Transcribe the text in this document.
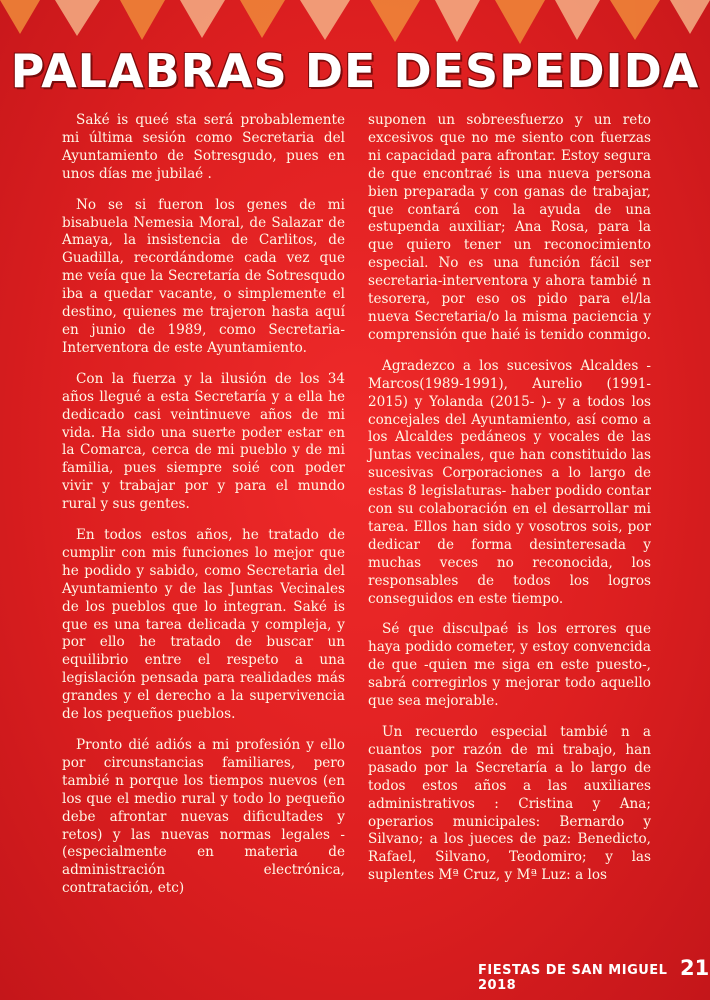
PALABRAS DE DESPEDIDA

Saké is queé sta será probablemente mi última sesión como Secretaria del Ayuntamiento de Sotresgudo, pues en unos días me jubilaé .

No se si fueron los genes de mi bisabuela Nemesia Moral, de Salazar de Amaya, la insistencia de Carlitos, de Guadilla, recordándome cada vez que me veía que la Secretaría de Sotresqudo iba a quedar vacante, o simplemente el destino, quienes me trajeron hasta aquí en junio de 1989, como Secretaria-Interventora de este Ayuntamiento.

Con la fuerza y la ilusión de los 34 años llegué a esta Secretaría y a ella he dedicado casi veintinueve años de mi vida. Ha sido una suerte poder estar en la Comarca, cerca de mi pueblo y de mi familia, pues siempre soié con poder vivir y trabajar por y para el mundo rural y sus gentes.

En todos estos años, he tratado de cumplir con mis funciones lo mejor que he podido y sabido, como Secretaria del Ayuntamiento y de las Juntas Vecinales de los pueblos que lo integran. Saké is que es una tarea delicada y compleja, y por ello he tratado de buscar un equilibrio entre el respeto a una legislación pensada para realidades más grandes y el derecho a la supervivencia de los pequeños pueblos.

Pronto dié adiós a mi profesión y ello por circunstancias familiares, pero tambié n porque los tiempos nuevos (en los que el medio rural y todo lo pequeño debe afrontar nuevas dificultades y retos) y las nuevas normas legales - (especialmente en materia de administración electrónica, contratación, etc)

suponen un sobreesfuerzo y un reto excesivos que no me siento con fuerzas ni capacidad para afrontar. Estoy segura de que encontraé is una nueva persona bien preparada y con ganas de trabajar, que contará con la ayuda de una estupenda auxiliar; Ana Rosa, para la que quiero tener un reconocimiento especial. No es una función fácil ser secretaria-interventora y ahora tambié n tesorera, por eso os pido para el/la nueva Secretaria/o la misma paciencia y comprensión que haié is tenido conmigo.

Agradezco a los sucesivos Alcaldes - Marcos(1989-1991), Aurelio (1991-2015) y Yolanda (2015- )- y a todos los concejales del Ayuntamiento, así como a los Alcaldes pedáneos y vocales de las Juntas vecinales, que han constituido las sucesivas Corporaciones a lo largo de estas 8 legislaturas- haber podido contar con su colaboración en el desarrollar mi tarea. Ellos han sido y vosotros sois, por dedicar de forma desinteresada y muchas veces no reconocida, los responsables de todos los logros conseguidos en este tiempo.

Sé que disculpaé is los errores que haya podido cometer, y estoy convencida de que -quien me siga en este puesto-, sabrá corregirlos y mejorar todo aquello que sea mejorable.

Un recuerdo especial tambié n a cuantos por razón de mi trabajo, han pasado por la Secretaría a lo largo de todos estos años a las auxiliares administrativos : Cristina y Ana; operarios municipales: Bernardo y Silvano; a los jueces de paz: Benedicto, Rafael, Silvano, Teodomiro; y las suplentes Mª Cruz, y Mª Luz: a los

FIESTAS DE SAN MIGUEL 2018
21
